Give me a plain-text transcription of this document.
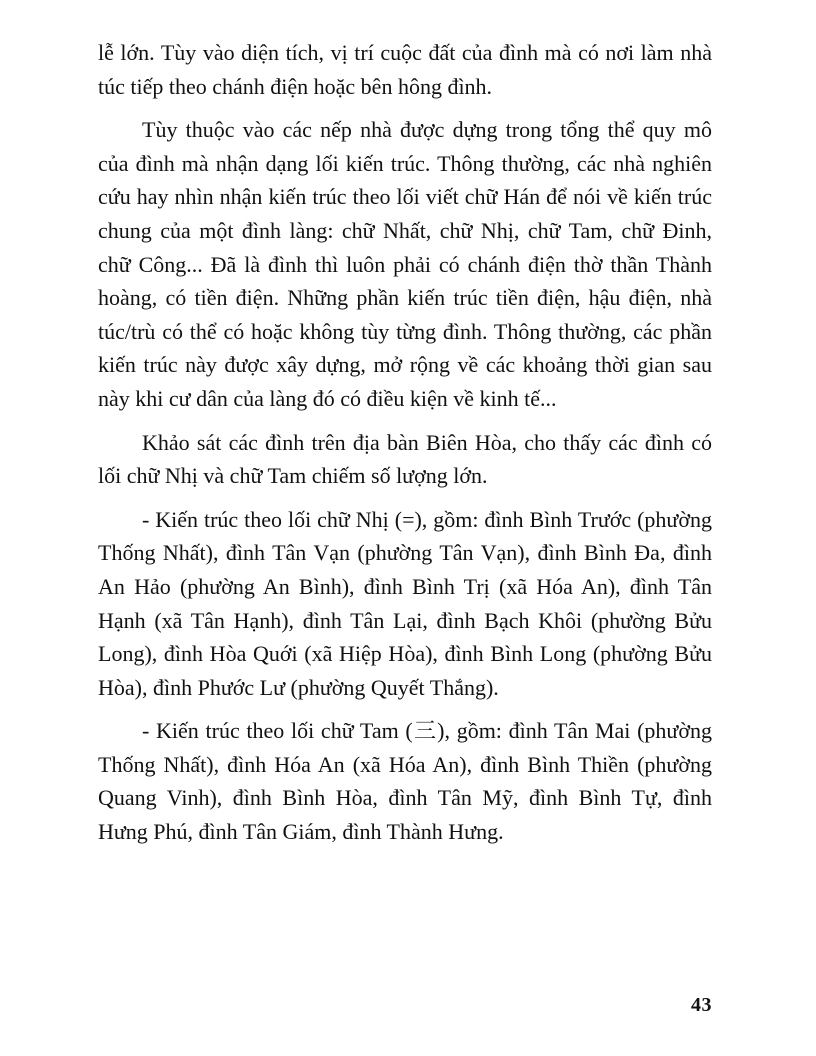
lễ lớn. Tùy vào diện tích, vị trí cuộc đất của đình mà có nơi làm nhà túc tiếp theo chánh điện hoặc bên hông đình.

Tùy thuộc vào các nếp nhà được dựng trong tổng thể quy mô của đình mà nhận dạng lối kiến trúc. Thông thường, các nhà nghiên cứu hay nhìn nhận kiến trúc theo lối viết chữ Hán để nói về kiến trúc chung của một đình làng: chữ Nhất, chữ Nhị, chữ Tam, chữ Đinh, chữ Công... Đã là đình thì luôn phải có chánh điện thờ thần Thành hoàng, có tiền điện. Những phần kiến trúc tiền điện, hậu điện, nhà túc/trù có thể có hoặc không tùy từng đình. Thông thường, các phần kiến trúc này được xây dựng, mở rộng về các khoảng thời gian sau này khi cư dân của làng đó có điều kiện về kinh tế...

Khảo sát các đình trên địa bàn Biên Hòa, cho thấy các đình có lối chữ Nhị và chữ Tam chiếm số lượng lớn.

- Kiến trúc theo lối chữ Nhị (=), gồm: đình Bình Trước (phường Thống Nhất), đình Tân Vạn (phường Tân Vạn), đình Bình Đa, đình An Hảo (phường An Bình), đình Bình Trị (xã Hóa An), đình Tân Hạnh (xã Tân Hạnh), đình Tân Lại, đình Bạch Khôi (phường Bửu Long), đình Hòa Quới (xã Hiệp Hòa), đình Bình Long (phường Bửu Hòa), đình Phước Lư (phường Quyết Thắng).

- Kiến trúc theo lối chữ Tam (三), gồm: đình Tân Mai (phường Thống Nhất), đình Hóa An (xã Hóa An), đình Bình Thiền (phường Quang Vinh), đình Bình Hòa, đình Tân Mỹ, đình Bình Tự, đình Hưng Phú, đình Tân Giám, đình Thành Hưng.

43
